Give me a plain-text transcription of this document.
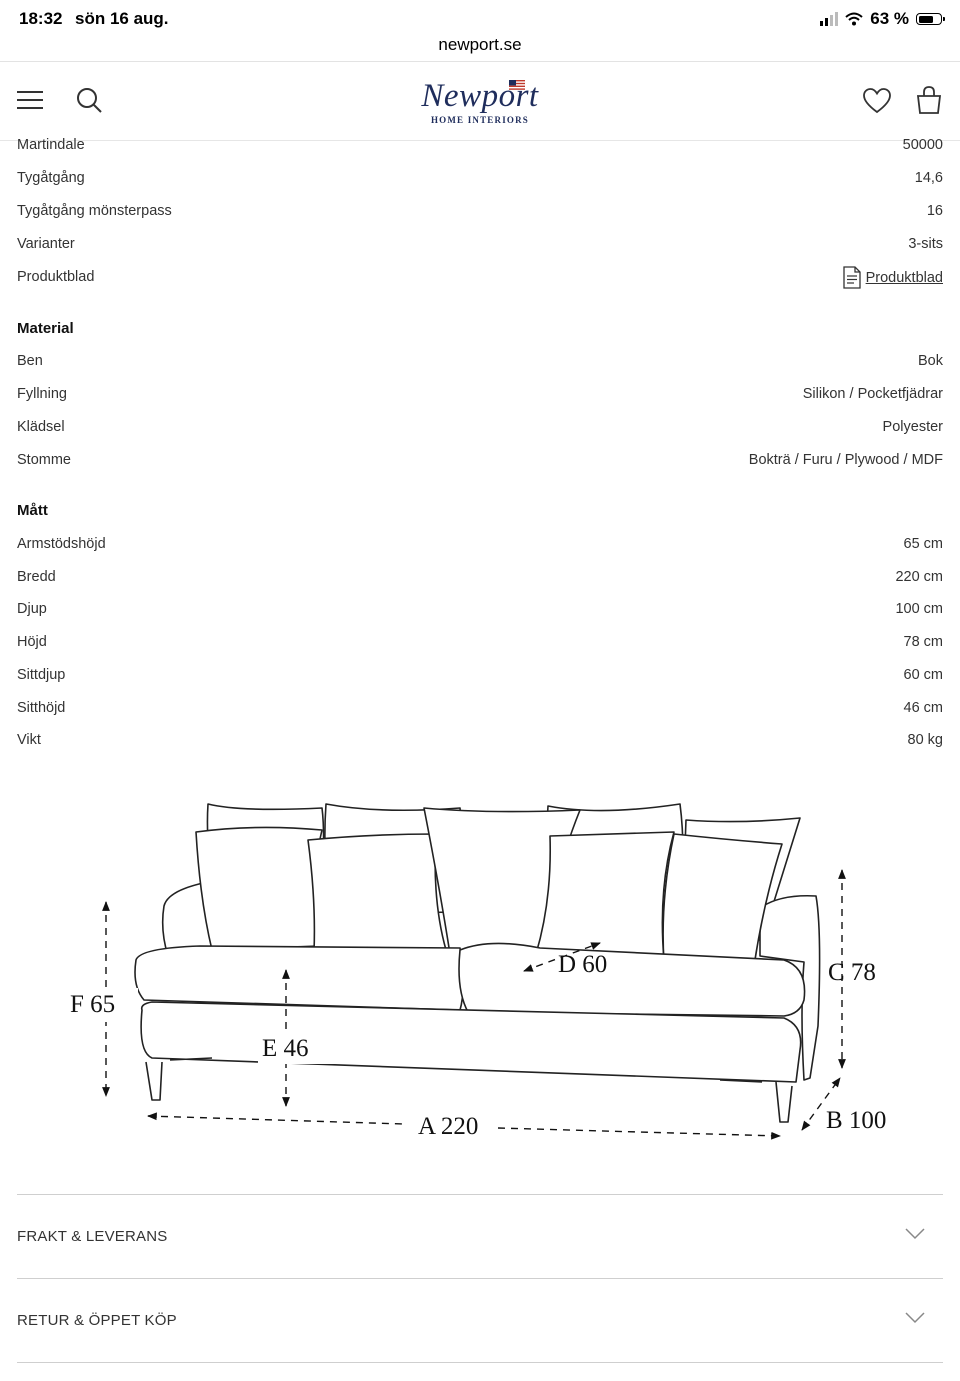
18:32 sön 16 aug.	63 %
newport.se
Newport
HOME INTERIORS
Martindale	50000
Tygåtgång	14,6
Tygåtgång mönsterpass	16
Varianter	3-sits
Produktblad	Produktblad
Material
Ben	Bok
Fyllning	Silikon / Pocketfjädrar
Klädsel	Polyester
Stomme	Bokträ / Furu / Plywood / MDF
Mått
Armstödshöjd	65 cm
Bredd	220 cm
Djup	100 cm
Höjd	78 cm
Sittdjup	60 cm
Sitthöjd	46 cm
Vikt	80 kg
F 65
E 46
D 60	C 78
A 220	B 100
FRAKT & LEVERANS
RETUR & ÖPPET KÖP
